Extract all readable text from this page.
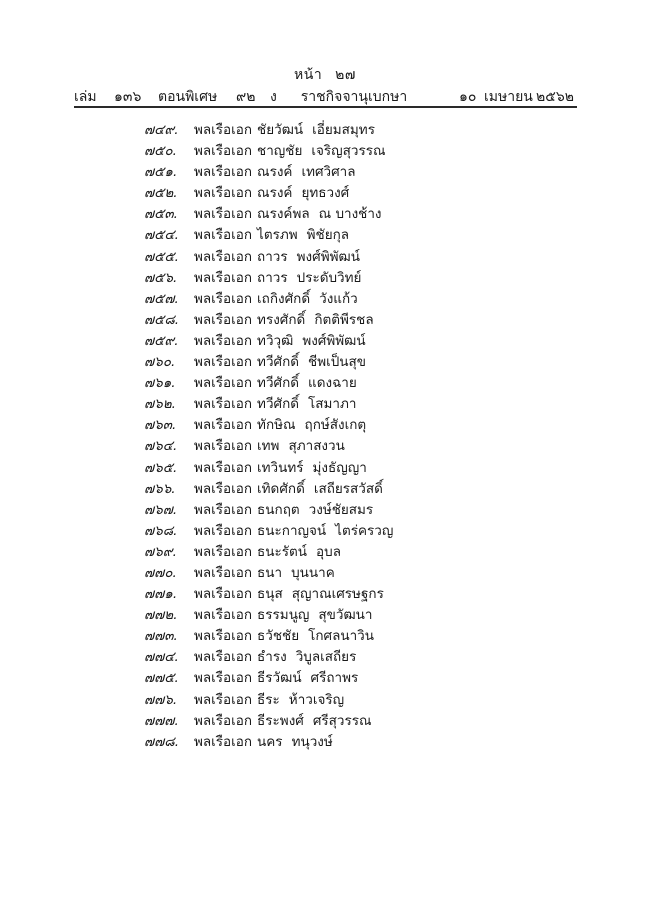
หน้า ๒๗
เล่ม ๑๓๖ ตอนพิเศษ ๙๒ ง	ราชกิจจานุเบกษา	๑๐ เมษายน ๒๕๖๒
๗๔๙.	พลเรือเอก ชัยวัฒน์ เอี่ยมสมุทร
๗๕๐.	พลเรือเอก ชาญชัย เจริญสุวรรณ
๗๕๑.	พลเรือเอก ณรงค์ เทศวิศาล
๗๕๒.	พลเรือเอก ณรงค์ ยุทธวงศ์
๗๕๓.	พลเรือเอก ณรงค์พล ณ บางช้าง
๗๕๔.	พลเรือเอก ไตรภพ พิชัยกุล
๗๕๕.	พลเรือเอก ถาวร พงศ์พิพัฒน์
๗๕๖.	พลเรือเอก ถาวร ประดับวิทย์
๗๕๗.	พลเรือเอก เถกิงศักดิ์ วังแก้ว
๗๕๘.	พลเรือเอก ทรงศักดิ์ กิตติพีรชล
๗๕๙.	พลเรือเอก ทวิวุฒิ พงศ์พิพัฒน์
๗๖๐.	พลเรือเอก ทวีศักดิ์ ชีพเป็นสุข
๗๖๑.	พลเรือเอก ทวีศักดิ์ แดงฉาย
๗๖๒.	พลเรือเอก ทวีศักดิ์ โสมาภา
๗๖๓.	พลเรือเอก ทักษิณ ฤกษ์สังเกตุ
๗๖๔.	พลเรือเอก เทพ สุภาสงวน
๗๖๕.	พลเรือเอก เทวินทร์ มุ่งธัญญา
๗๖๖.	พลเรือเอก เทิดศักดิ์ เสถียรสวัสดิ์
๗๖๗.	พลเรือเอก ธนกฤต วงษ์ชัยสมร
๗๖๘.	พลเรือเอก ธนะกาญจน์ ไตร่ครวญ
๗๖๙.	พลเรือเอก ธนะรัตน์ อุบล
๗๗๐.	พลเรือเอก ธนา บุนนาค
๗๗๑.	พลเรือเอก ธนุส สุญาณเศรษฐกร
๗๗๒.	พลเรือเอก ธรรมนูญ สุขวัฒนา
๗๗๓.	พลเรือเอก ธวัชชัย โกศลนาวิน
๗๗๔.	พลเรือเอก ธำรง วิบูลเสถียร
๗๗๕.	พลเรือเอก ธีรวัฒน์ ศรีถาพร
๗๗๖.	พลเรือเอก ธีระ ห้าวเจริญ
๗๗๗.	พลเรือเอก ธีระพงศ์ ศรีสุวรรณ
๗๗๘.	พลเรือเอก นคร ทนุวงษ์
